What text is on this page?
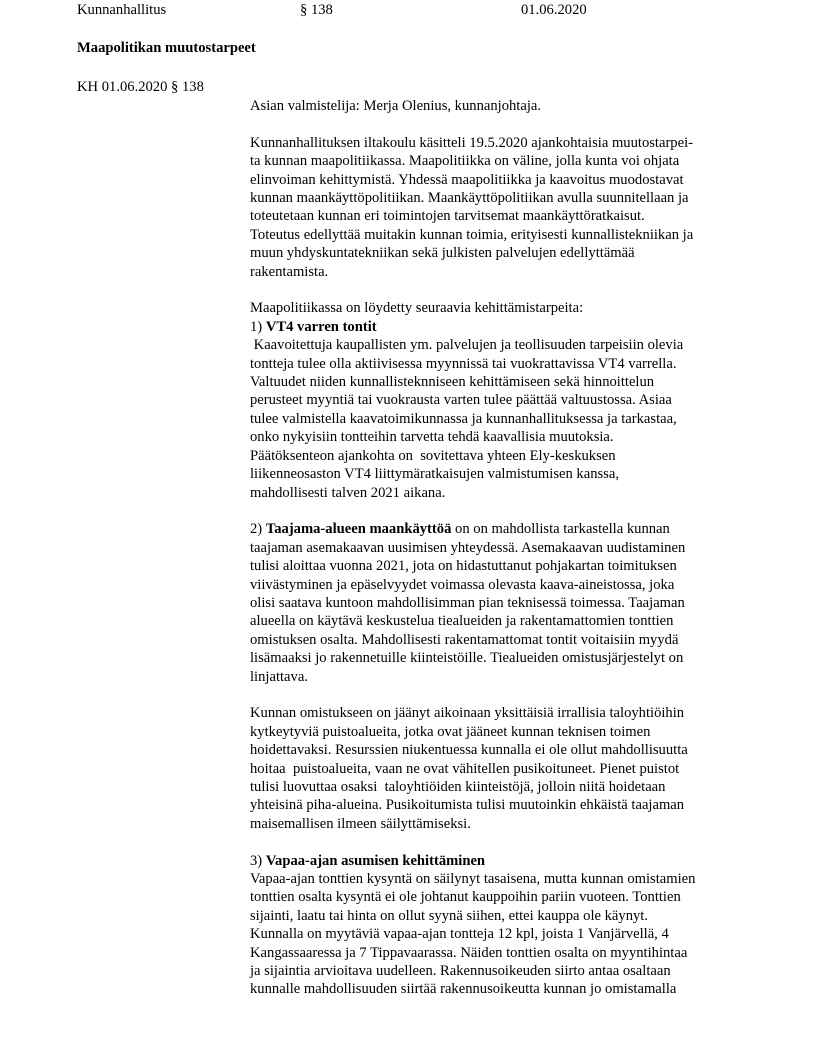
Kunnanhallitus	§ 138	01.06.2020
Maapolitikan muutostarpeet
KH 01.06.2020 § 138
Asian valmistelija: Merja Olenius, kunnanjohtaja.
Kunnanhallituksen iltakoulu käsitteli 19.5.2020 ajankohtaisia muutostarpei-
ta kunnan maapolitiikassa. Maapolitiikka on väline, jolla kunta voi ohjata
elinvoiman kehittymistä. Yhdessä maapolitiikka ja kaavoitus muodostavat
kunnan maankäyttöpolitiikan. Maankäyttöpolitiikan avulla suunnitellaan ja
toteutetaan kunnan eri toimintojen tarvitsemat maankäyttöratkaisut.
Toteutus edellyttää muitakin kunnan toimia, erityisesti kunnallistekniikan ja
muun yhdyskuntatekniikan sekä julkisten palvelujen edellyttämää
rakentamista.
Maapolitiikassa on löydetty seuraavia kehittämistarpeita:
1) VT4 varren tontit
Kaavoitettuja kaupallisten ym. palvelujen ja teollisuuden tarpeisiin olevia
tontteja tulee olla aktiivisessa myynnissä tai vuokrattavissa VT4 varrella.
Valtuudet niiden kunnallisteknniseen kehittämiseen sekä hinnoittelun
perusteet myyntiä tai vuokrausta varten tulee päättää valtuustossa. Asiaa
tulee valmistella kaavatoimikunnassa ja kunnanhallituksessa ja tarkastaa,
onko nykyisiin tontteihin tarvetta tehdä kaavallisia muutoksia.
Päätöksenteon ajankohta on  sovitettava yhteen Ely-keskuksen
liikenneosaston VT4 liittymäratkaisujen valmistumisen kanssa,
mahdollisesti talven 2021 aikana.
2) Taajama-alueen maankäyttöä on on mahdollista tarkastella kunnan
taajaman asemakaavan uusimisen yhteydessä. Asemakaavan uudistaminen
tulisi aloittaa vuonna 2021, jota on hidastuttanut pohjakartan toimituksen
viivästyminen ja epäselvyydet voimassa olevasta kaava-aineistossa, joka
olisi saatava kuntoon mahdollisimman pian teknisessä toimessa. Taajaman
alueella on käytävä keskustelua tiealueiden ja rakentamattomien tonttien
omistuksen osalta. Mahdollisesti rakentamattomat tontit voitaisiin myydä
lisämaaksi jo rakennetuille kiinteistöille. Tiealueiden omistusjärjestelyt on
linjattava.
Kunnan omistukseen on jäänyt aikoinaan yksittäisiä irrallisia taloyhtiöihin
kytkeytyviä puistoalueita, jotka ovat jääneet kunnan teknisen toimen
hoidettavaksi. Resurssien niukentuessa kunnalla ei ole ollut mahdollisuutta
hoitaa  puistoalueita, vaan ne ovat vähitellen pusikoituneet. Pienet puistot
tulisi luovuttaa osaksi  taloyhtiöiden kiinteistöjä, jolloin niitä hoidetaan
yhteisinä piha-alueina. Pusikoitumista tulisi muutoinkin ehkäistä taajaman
maisemallisen ilmeen säilyttämiseksi.
3) Vapaa-ajan asumisen kehittäminen
Vapaa-ajan tonttien kysyntä on säilynyt tasaisena, mutta kunnan omistamien
tonttien osalta kysyntä ei ole johtanut kauppoihin pariin vuoteen. Tonttien
sijainti, laatu tai hinta on ollut syynä siihen, ettei kauppa ole käynyt.
Kunnalla on myytäviä vapaa-ajan tontteja 12 kpl, joista 1 Vanjärvellä, 4
Kangassaaressa ja 7 Tippavaarassa. Näiden tonttien osalta on myyntihintaa
ja sijaintia arvioitava uudelleen. Rakennusoikeuden siirto antaa osaltaan
kunnalle mahdollisuuden siirtää rakennusoikeutta kunnan jo omistamalla
